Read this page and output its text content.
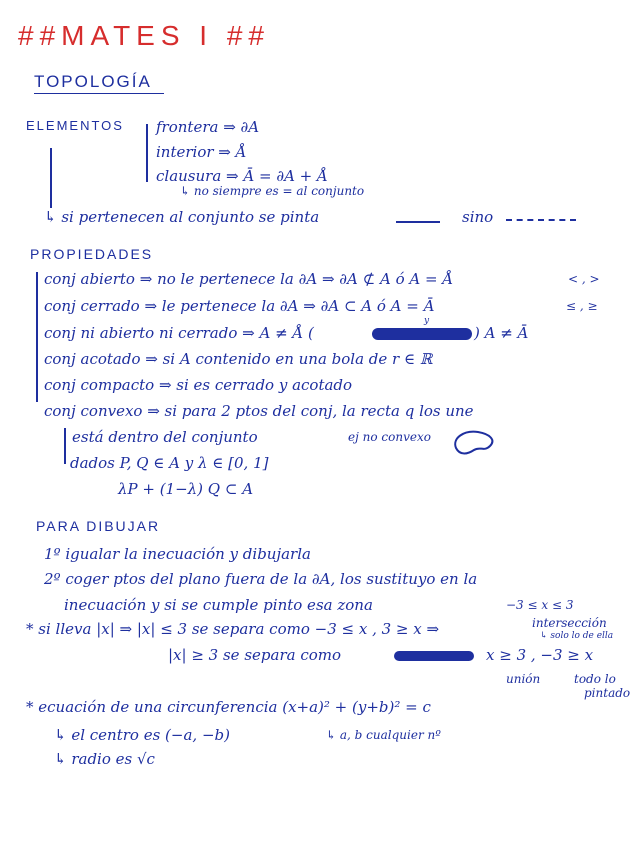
##MATES I ##
TOPOLOGÍA
ELEMENTOS frontera ⇒ ∂A
interior ⇒ Å
clausura ⇒ Ā = ∂A + Å
↳ no siempre es = al conjunto
↳ si pertenecen al conjunto se pinta	sino
PROPIEDADES
conj abierto ⇒ no le pertenece la ∂A ⇒ ∂A ⊄ A ó A = Å	< , >
conj cerrado ⇒ le pertenece la ∂A ⇒ ∂A ⊂ A ó A = Ā	≤ , ≥
conj ni abierto ni cerrado ⇒ A ≠ Å (
y
) A ≠ Ā
conj acotado ⇒ si A contenido en una bola de r ∈ ℝ
conj compacto ⇒ si es cerrado y acotado
conj convexo ⇒ si para 2 ptos del conj, la recta q los une
está dentro del conjunto	ej no convexo
dados P, Q ∈ A y λ ∈ [0, 1]
λP + (1−λ) Q ⊂ A
PARA DIBUJAR
1º igualar la inecuación y dibujarla
2º coger ptos del plano fuera de la ∂A, los sustituyo en la
inecuación y si se cumple pinto esa zona	−3 ≤ x ≤ 3
* si lleva |x| ⇒ |x| ≤ 3 se separa como −3 ≤ x , 3 ≥ x ⇒	intersección
↳ solo lo de ella
|x| ≥ 3 se separa como	x ≥ 3 , −3 ≥ x
unión	todo lo
pintado
* ecuación de una circunferencia (x+a)² + (y+b)² = c
↳ el centro es (−a, −b)	↳ a, b cualquier nº
↳ radio es √c
